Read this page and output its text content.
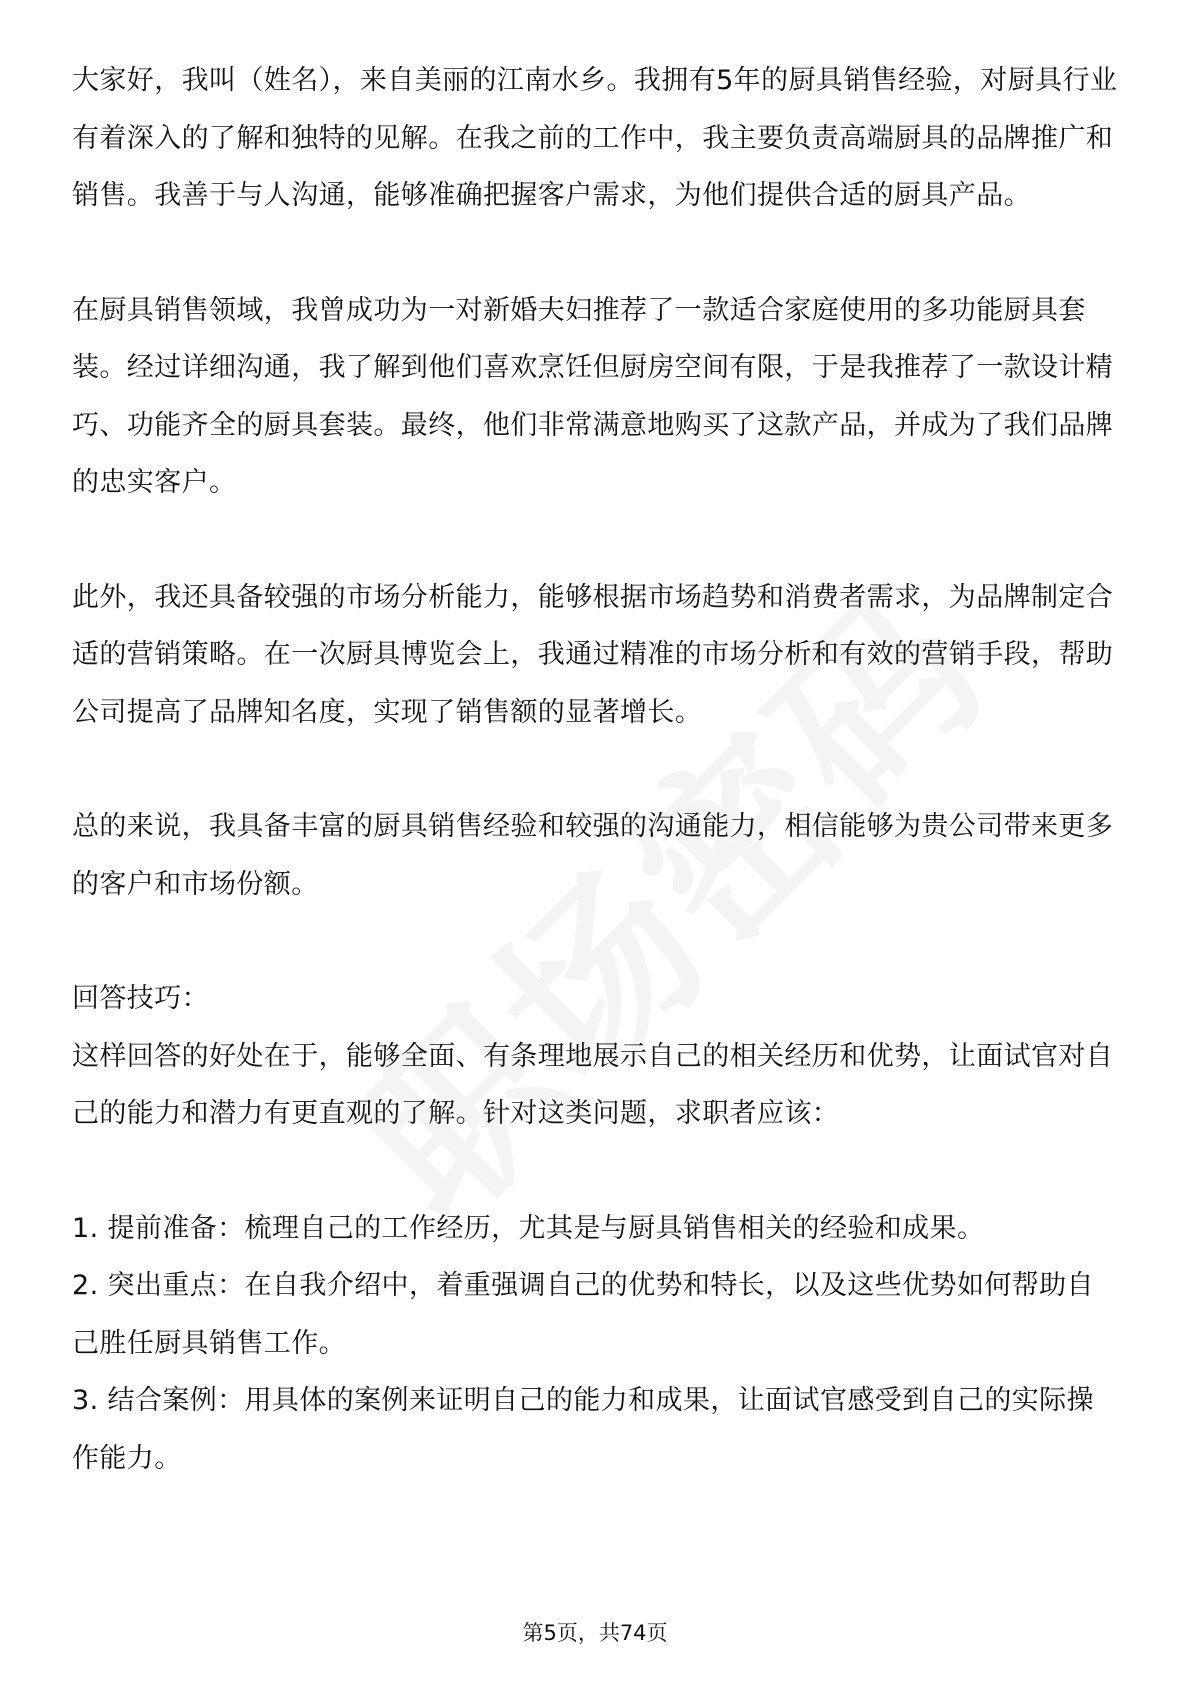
大家好，我叫（姓名），来自美丽的江南水乡。我拥有5年的厨具销售经验，对厨具行业有着深入的了解和独特的见解。在我之前的工作中，我主要负责高端厨具的品牌推广和销售。我善于与人沟通，能够准确把握客户需求，为他们提供合适的厨具产品。

在厨具销售领域，我曾成功为一对新婚夫妇推荐了一款适合家庭使用的多功能厨具套装。经过详细沟通，我了解到他们喜欢烹饪但厨房空间有限，于是我推荐了一款设计精巧、功能齐全的厨具套装。最终，他们非常满意地购买了这款产品，并成为了我们品牌的忠实客户。

此外，我还具备较强的市场分析能力，能够根据市场趋势和消费者需求，为品牌制定合适的营销策略。在一次厨具博览会上，我通过精准的市场分析和有效的营销手段，帮助公司提高了品牌知名度，实现了销售额的显著增长。

总的来说，我具备丰富的厨具销售经验和较强的沟通能力，相信能够为贵公司带来更多的客户和市场份额。

回答技巧：

这样回答的好处在于，能够全面、有条理地展示自己的相关经历和优势，让面试官对自己的能力和潜力有更直观的了解。针对这类问题，求职者应该：

1. 提前准备：梳理自己的工作经历，尤其是与厨具销售相关的经验和成果。

2. 突出重点：在自我介绍中，着重强调自己的优势和特长，以及这些优势如何帮助自己胜任厨具销售工作。

3. 结合案例：用具体的案例来证明自己的能力和成果，让面试官感受到自己的实际操作能力。

第5页，共74页
